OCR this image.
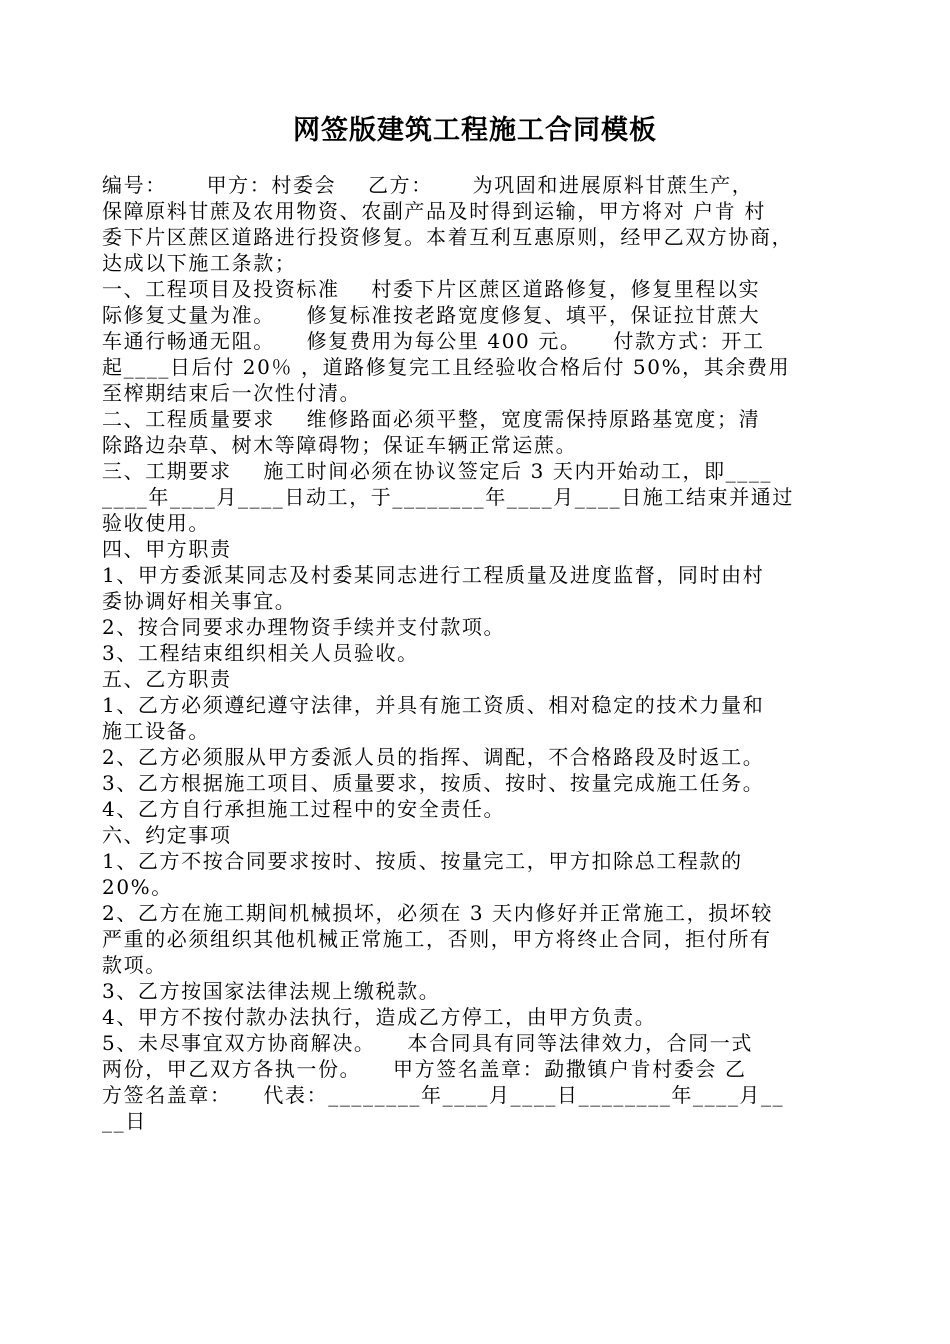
网签版建筑工程施工合同模板
编号：     甲方：村委会    乙方：     为巩固和进展原料甘蔗生产，
保障原料甘蔗及农用物资、农副产品及时得到运输，甲方将对 户肯 村
委下片区蔗区道路进行投资修复。本着互利互惠原则，经甲乙双方协商，
达成以下施工条款；
一、工程项目及投资标准    村委下片区蔗区道路修复，修复里程以实
际修复丈量为准。    修复标准按老路宽度修复、填平，保证拉甘蔗大
车通行畅通无阻。    修复费用为每公里 400 元。    付款方式：开工
起____日后付 20％ ，道路修复完工且经验收合格后付 50%，其余费用
至榨期结束后一次性付清。
二、工程质量要求    维修路面必须平整，宽度需保持原路基宽度；清
除路边杂草、树木等障碍物；保证车辆正常运蔗。
三、工期要求    施工时间必须在协议签定后 3 天内开始动工，即____
____年____月____日动工，于________年____月____日施工结束并通过
验收使用。
四、甲方职责
1、甲方委派某同志及村委某同志进行工程质量及进度监督，同时由村
委协调好相关事宜。
2、按合同要求办理物资手续并支付款项。
3、工程结束组织相关人员验收。
五、乙方职责
1、乙方必须遵纪遵守法律，并具有施工资质、相对稳定的技术力量和
施工设备。
2、乙方必须服从甲方委派人员的指挥、调配，不合格路段及时返工。
3、乙方根据施工项目、质量要求，按质、按时、按量完成施工任务。
4、乙方自行承担施工过程中的安全责任。
六、约定事项
1、乙方不按合同要求按时、按质、按量完工，甲方扣除总工程款的
20%。
2、乙方在施工期间机械损坏，必须在 3 天内修好并正常施工，损坏较
严重的必须组织其他机械正常施工，否则，甲方将终止合同，拒付所有
款项。
3、乙方按国家法律法规上缴税款。
4、甲方不按付款办法执行，造成乙方停工，由甲方负责。
5、未尽事宜双方协商解决。    本合同具有同等法律效力，合同一式
两份，甲乙双方各执一份。    甲方签名盖章：勐撒镇户肯村委会 乙
方签名盖章：    代表：________年____月____日________年____月__
__日
